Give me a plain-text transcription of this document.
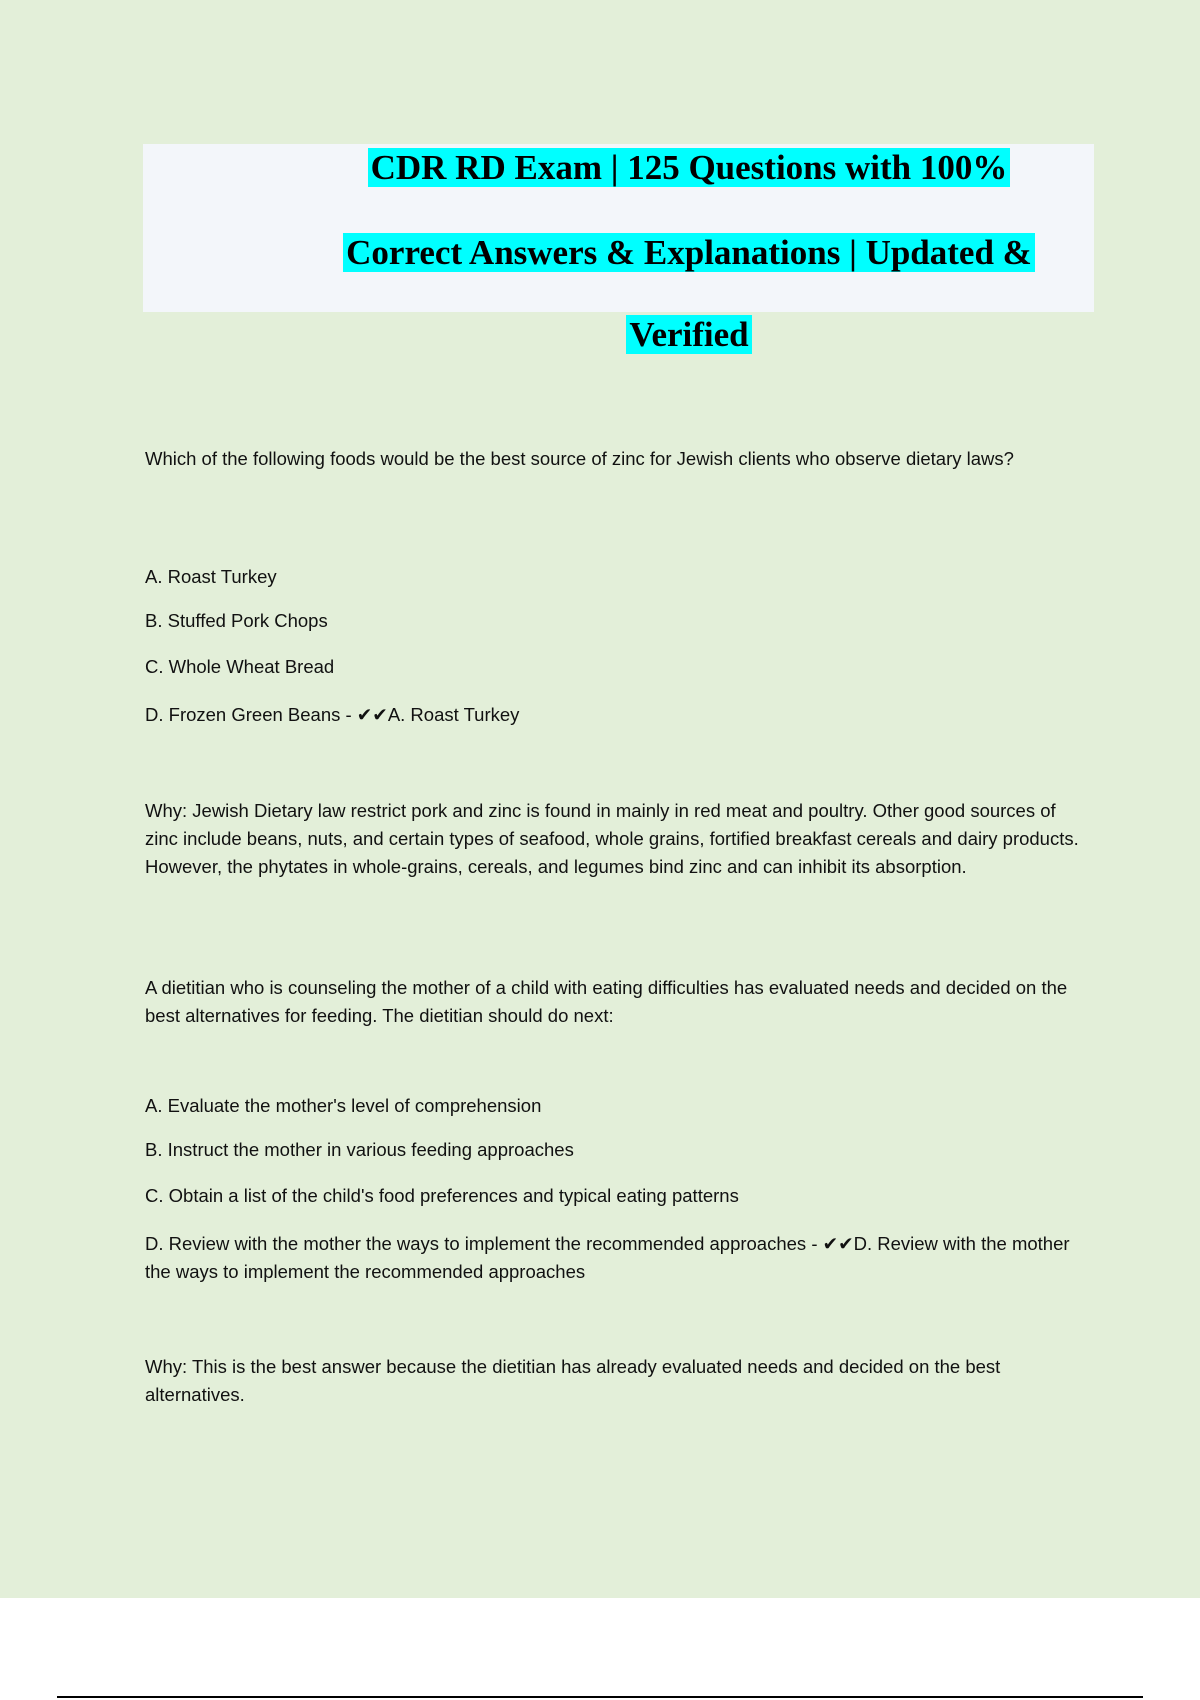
CDR RD Exam | 125 Questions with 100%
Correct Answers & Explanations | Updated &
Verified

Which of the following foods would be the best source of zinc for Jewish clients who observe dietary laws?

A. Roast Turkey

B. Stuffed Pork Chops

C. Whole Wheat Bread

D. Frozen Green Beans - ✔✔A. Roast Turkey

Why: Jewish Dietary law restrict pork and zinc is found in mainly in red meat and poultry. Other good sources of zinc include beans, nuts, and certain types of seafood, whole grains, fortified breakfast cereals and dairy products. However, the phytates in whole-grains, cereals, and legumes bind zinc and can inhibit its absorption.

A dietitian who is counseling the mother of a child with eating difficulties has evaluated needs and decided on the best alternatives for feeding. The dietitian should do next:

A. Evaluate the mother's level of comprehension

B. Instruct the mother in various feeding approaches

C. Obtain a list of the child's food preferences and typical eating patterns

D. Review with the mother the ways to implement the recommended approaches - ✔✔D. Review with the mother the ways to implement the recommended approaches

Why: This is the best answer because the dietitian has already evaluated needs and decided on the best alternatives.
